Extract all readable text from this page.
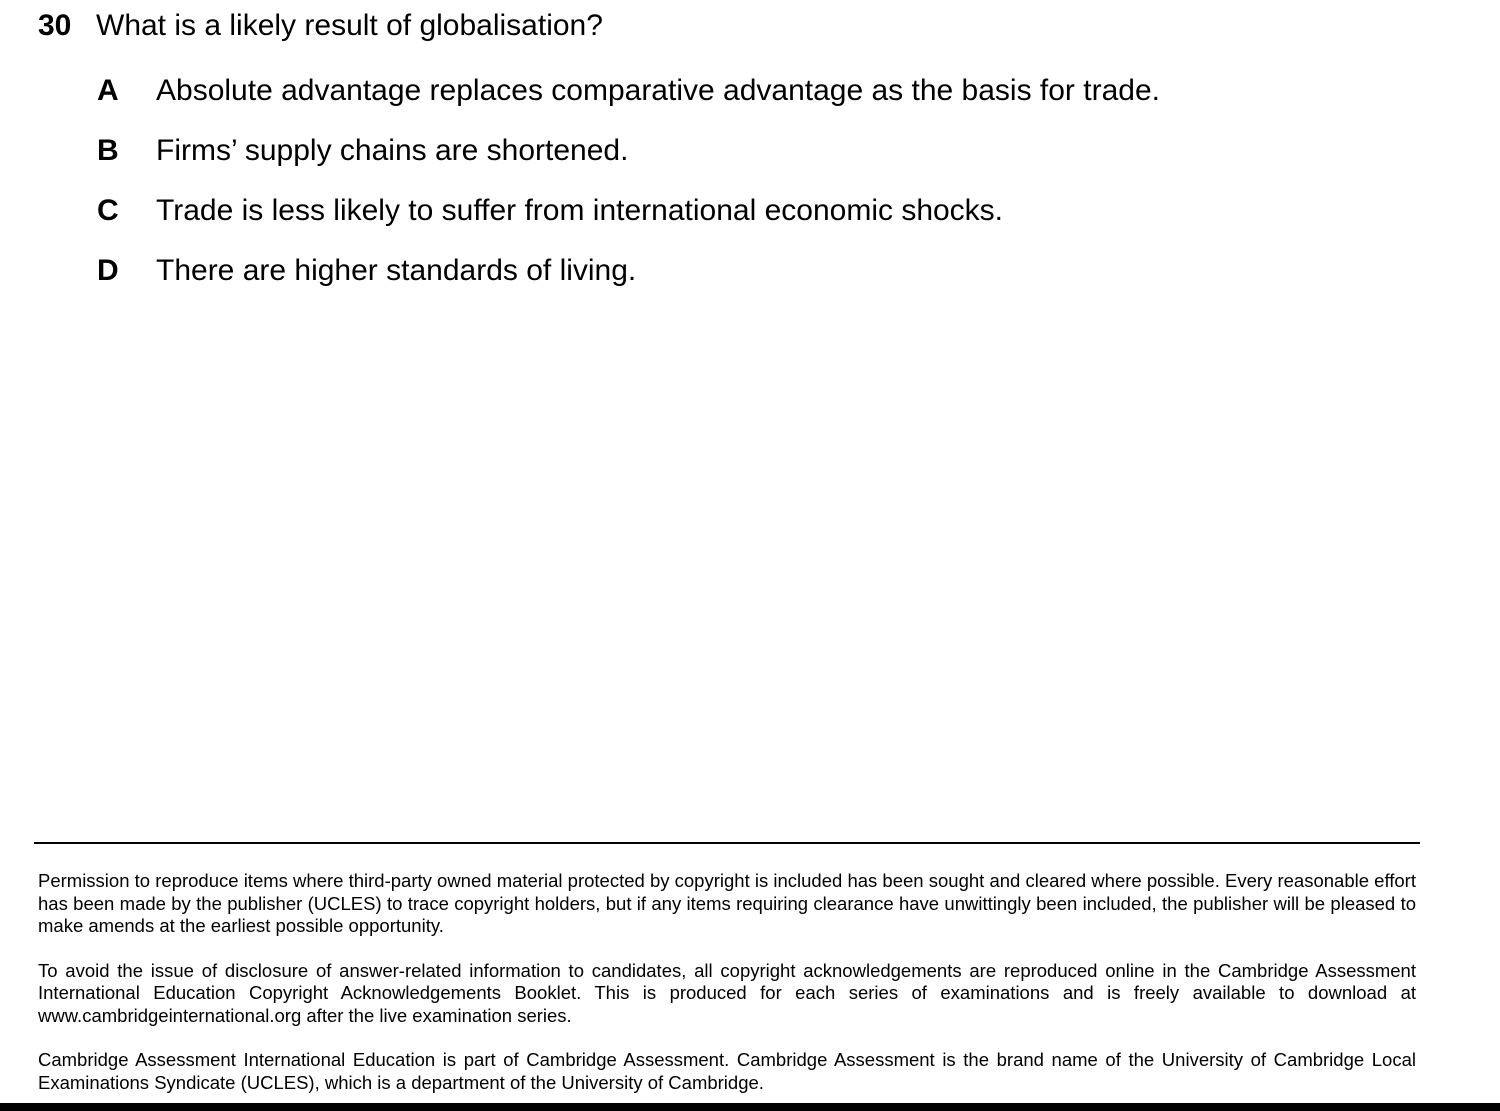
30 What is a likely result of globalisation?
A	Absolute advantage replaces comparative advantage as the basis for trade.
B	Firms’ supply chains are shortened.
C	Trade is less likely to suffer from international economic shocks.
D	There are higher standards of living.

Permission to reproduce items where third-party owned material protected by copyright is included has been sought and cleared where possible. Every reasonable effort has been made by the publisher (UCLES) to trace copyright holders, but if any items requiring clearance have unwittingly been included, the publisher will be pleased to make amends at the earliest possible opportunity.

To avoid the issue of disclosure of answer-related information to candidates, all copyright acknowledgements are reproduced online in the Cambridge Assessment International Education Copyright Acknowledgements Booklet. This is produced for each series of examinations and is freely available to download at www.cambridgeinternational.org after the live examination series.

Cambridge Assessment International Education is part of Cambridge Assessment. Cambridge Assessment is the brand name of the University of Cambridge Local Examinations Syndicate (UCLES), which is a department of the University of Cambridge.
